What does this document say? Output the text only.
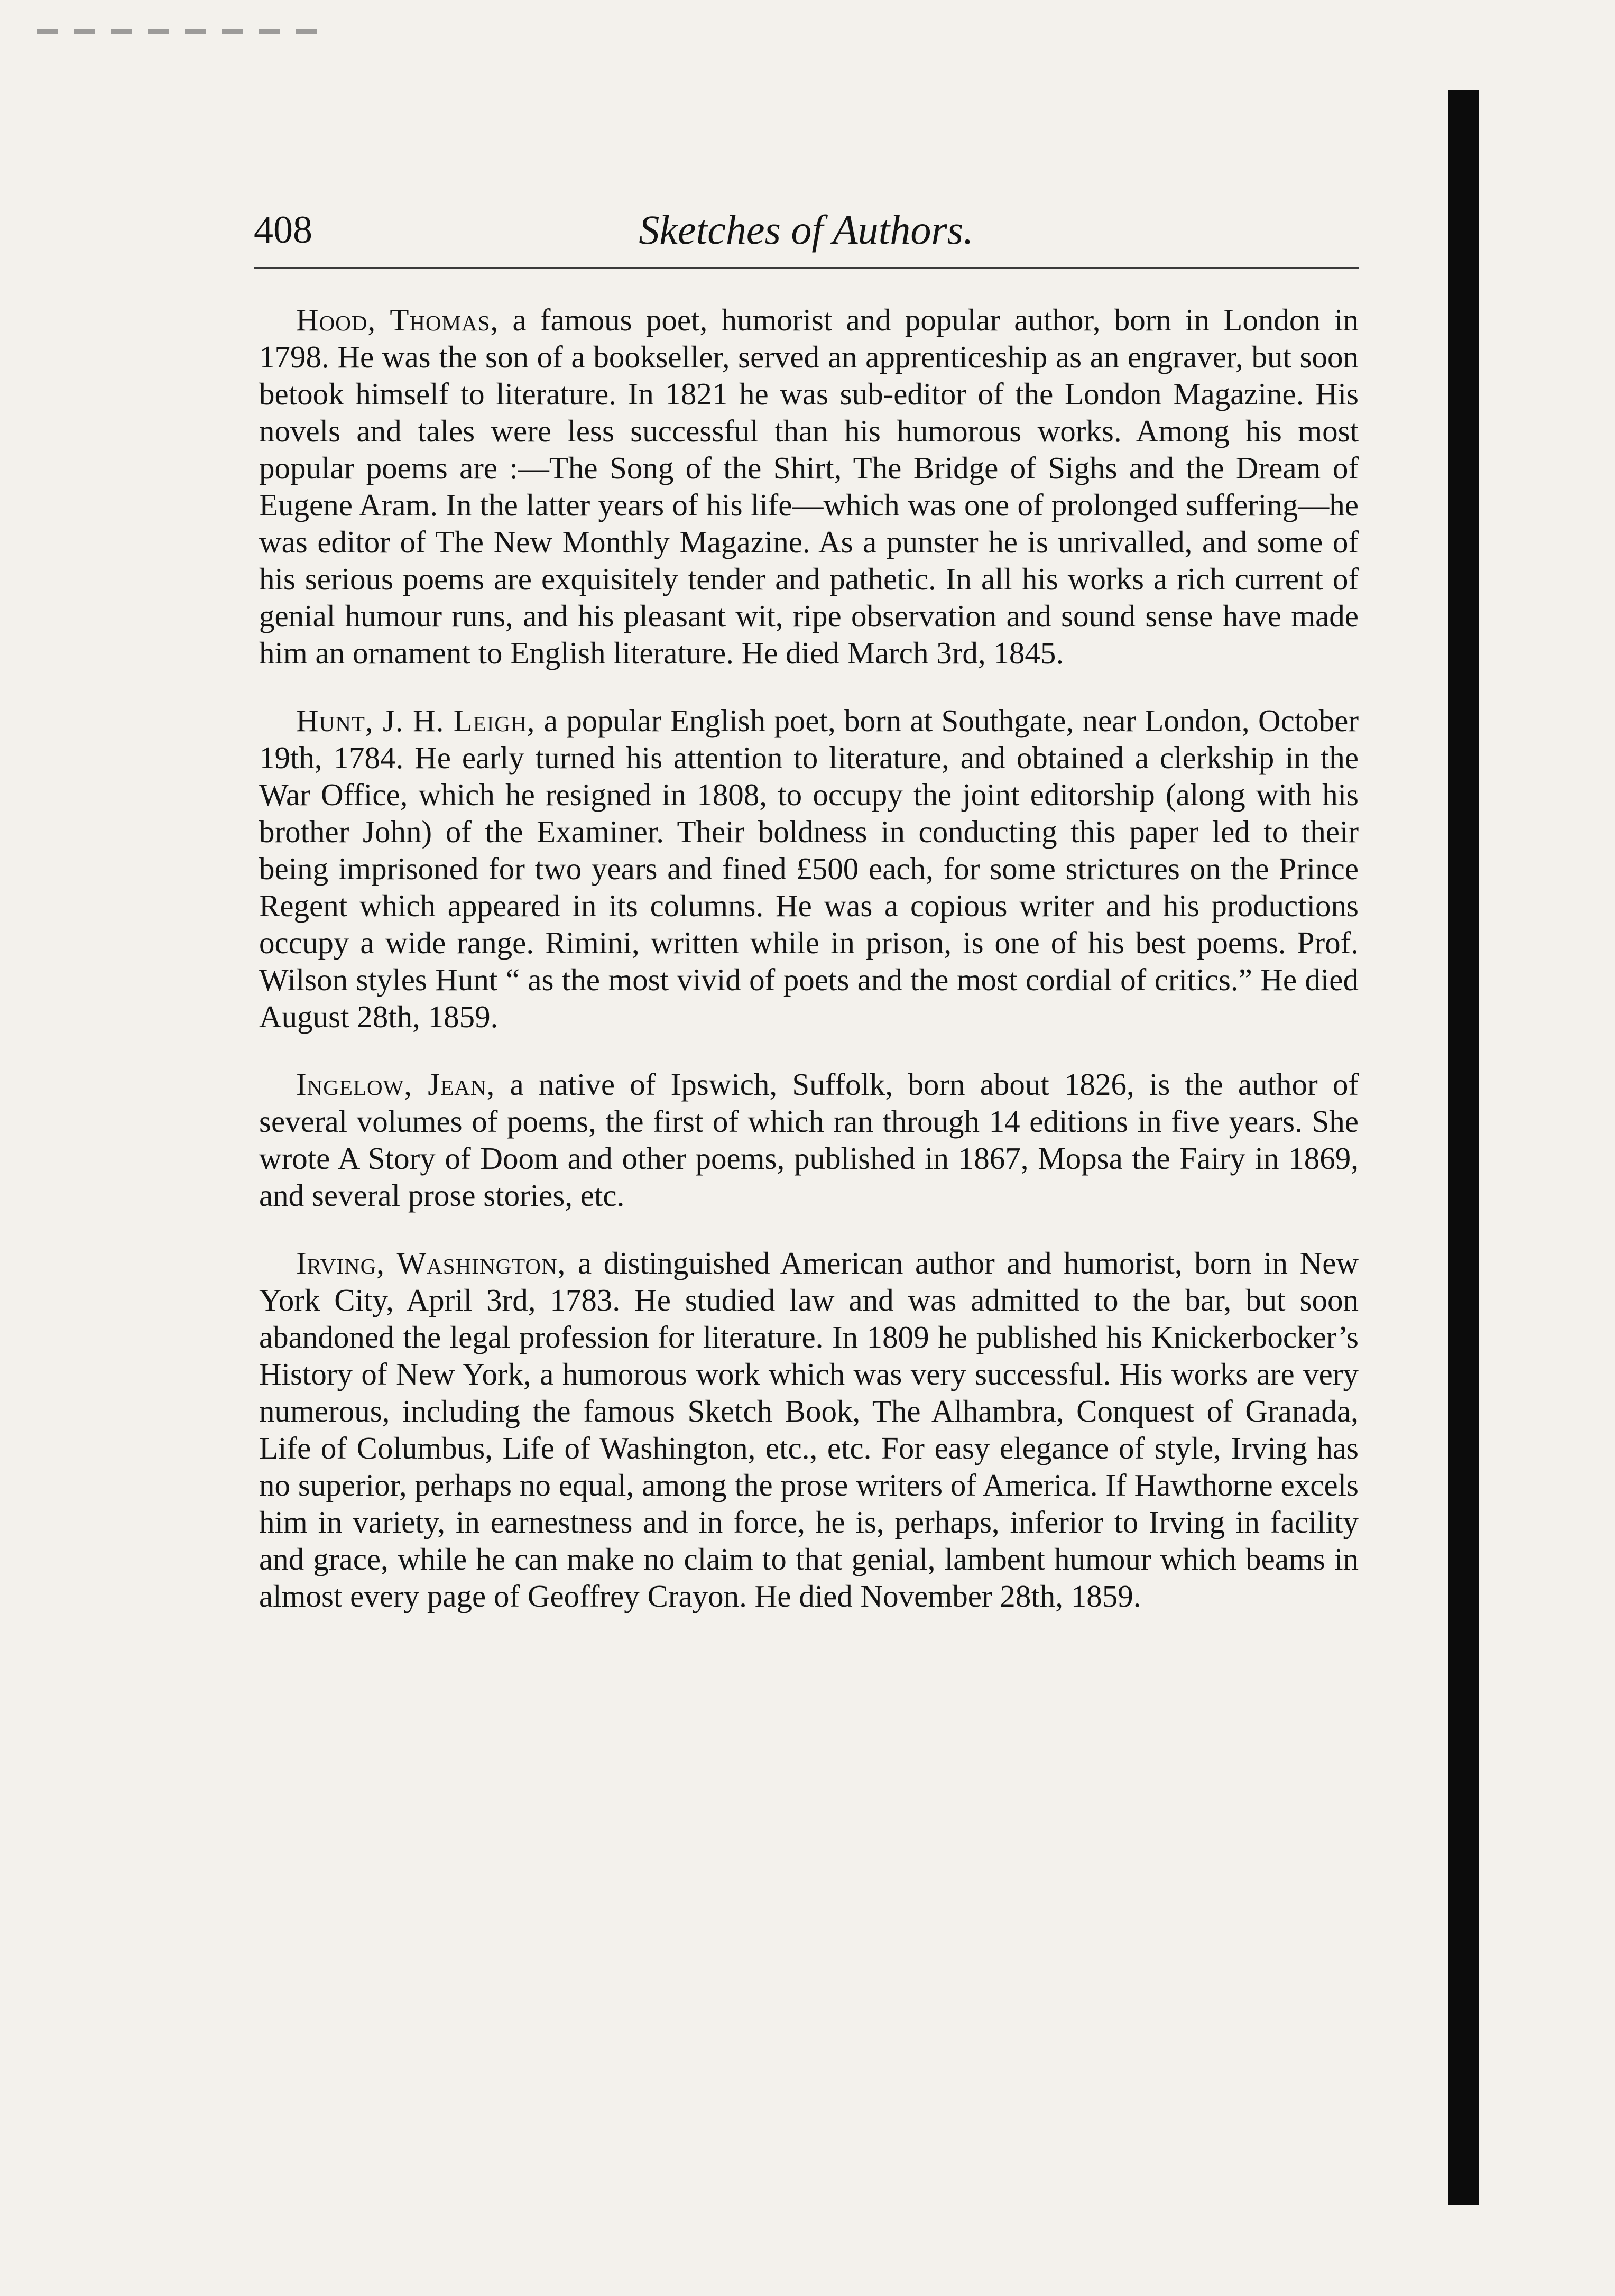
408	Sketches of Authors.

Hood, Thomas, a famous poet, humorist and popular author, born in London in 1798. He was the son of a bookseller, served an apprenticeship as an engraver, but soon betook himself to literature. In 1821 he was sub-editor of the London Magazine. His novels and tales were less successful than his humorous works. Among his most popular poems are :—The Song of the Shirt, The Bridge of Sighs and the Dream of Eugene Aram. In the latter years of his life—which was one of prolonged suffering—he was editor of The New Monthly Magazine. As a punster he is unrivalled, and some of his serious poems are exquisitely tender and pathetic. In all his works a rich current of genial humour runs, and his pleasant wit, ripe observation and sound sense have made him an ornament to English literature. He died March 3rd, 1845.

Hunt, J. H. Leigh, a popular English poet, born at Southgate, near London, October 19th, 1784. He early turned his attention to literature, and obtained a clerkship in the War Office, which he resigned in 1808, to occupy the joint editorship (along with his brother John) of the Examiner. Their boldness in conducting this paper led to their being imprisoned for two years and fined £500 each, for some strictures on the Prince Regent which appeared in its columns. He was a copious writer and his productions occupy a wide range. Rimini, written while in prison, is one of his best poems. Prof. Wilson styles Hunt “ as the most vivid of poets and the most cordial of critics.” He died August 28th, 1859.

Ingelow, Jean, a native of Ipswich, Suffolk, born about 1826, is the author of several volumes of poems, the first of which ran through 14 editions in five years. She wrote A Story of Doom and other poems, published in 1867, Mopsa the Fairy in 1869, and several prose stories, etc.

Irving, Washington, a distinguished American author and humorist, born in New York City, April 3rd, 1783. He studied law and was admitted to the bar, but soon abandoned the legal profession for literature. In 1809 he published his Knickerbocker’s History of New York, a humorous work which was very successful. His works are very numerous, including the famous Sketch Book, The Alhambra, Conquest of Granada, Life of Columbus, Life of Washington, etc., etc. For easy elegance of style, Irving has no superior, perhaps no equal, among the prose writers of America. If Hawthorne excels him in variety, in earnestness and in force, he is, perhaps, inferior to Irving in facility and grace, while he can make no claim to that genial, lambent humour which beams in almost every page of Geoffrey Crayon. He died November 28th, 1859.
